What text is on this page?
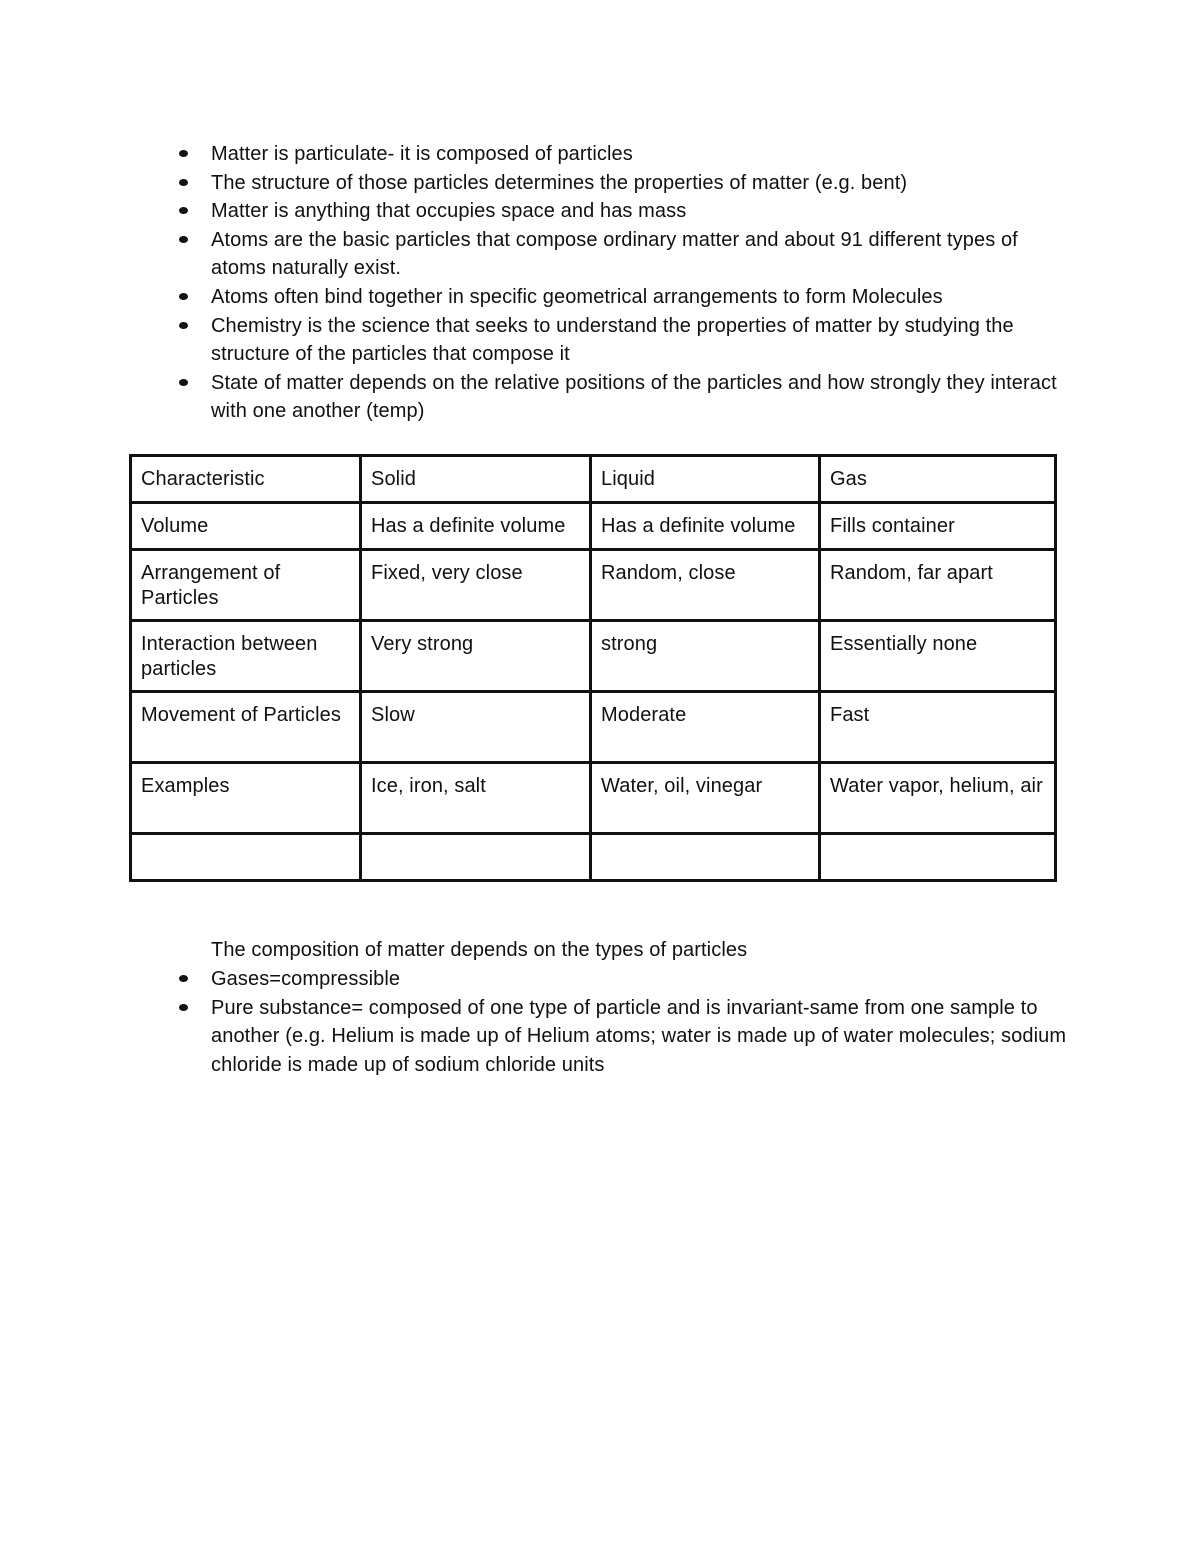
Matter is particulate- it is composed of particles
The structure of those particles determines the properties of matter (e.g. bent)
Matter is anything that occupies space and has mass
Atoms are the basic particles that compose ordinary matter and about 91 different types of atoms naturally exist.
Atoms often bind together in specific geometrical arrangements to form Molecules
Chemistry is the science that seeks to understand the properties of matter by studying the structure of the particles that compose it
State of matter depends on the relative positions of the particles and how strongly they interact with one another (temp)
Characteristic	Solid	Liquid	Gas
Volume	Has a definite volume	Has a definite volume	Fills container
Arrangement of Particles	Fixed, very close	Random, close	Random, far apart
Interaction between particles	Very strong	strong	Essentially none
Movement of Particles	Slow	Moderate	Fast
Examples	Ice, iron, salt	Water, oil, vinegar	Water vapor, helium, air

The composition of matter depends on the types of particles
Gases=compressible
Pure substance= composed of one type of particle and is invariant-same from one sample to another (e.g. Helium is made up of Helium atoms; water is made up of water molecules; sodium chloride is made up of sodium chloride units
